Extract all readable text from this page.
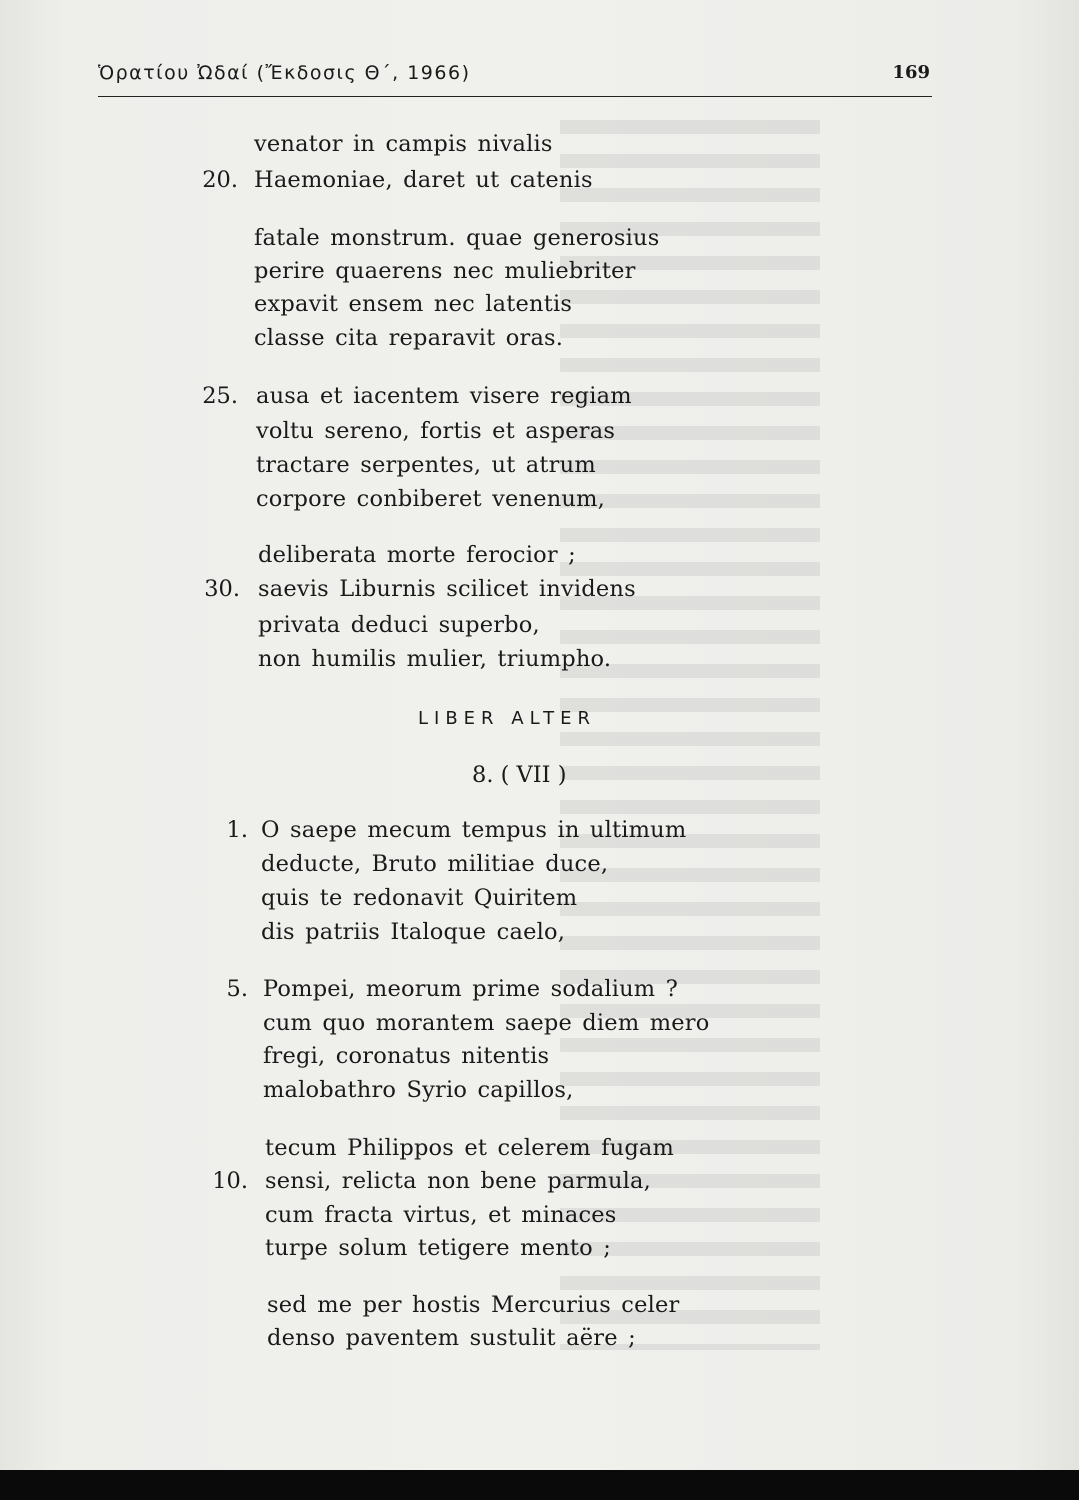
Ὁρατίου Ὠδαί (Ἔκδοσις Θ΄, 1966)	169
venator in campis nivalis
20. Haemoniae, daret ut catenis
fatale monstrum. quae generosius
perire quaerens nec muliebriter
expavit ensem nec latentis
classe cita reparavit oras.
25. ausa et iacentem visere regiam
voltu sereno, fortis et asperas
tractare serpentes, ut atrum
corpore conbiberet venenum,
deliberata morte ferocior ;
30. saevis Liburnis scilicet invidens
privata deduci superbo,
non humilis mulier, triumpho.
LIBER ALTER
8. ( VII )
1. O saepe mecum tempus in ultimum
deducte, Bruto militiae duce,
quis te redonavit Quiritem
dis patriis Italoque caelo,
5. Pompei, meorum prime sodalium ?
cum quo morantem saepe diem mero
fregi, coronatus nitentis
malobathro Syrio capillos,
tecum Philippos et celerem fugam
10. sensi, relicta non bene parmula,
cum fracta virtus, et minaces
turpe solum tetigere mento ;
sed me per hostis Mercurius celer
denso paventem sustulit aëre ;
